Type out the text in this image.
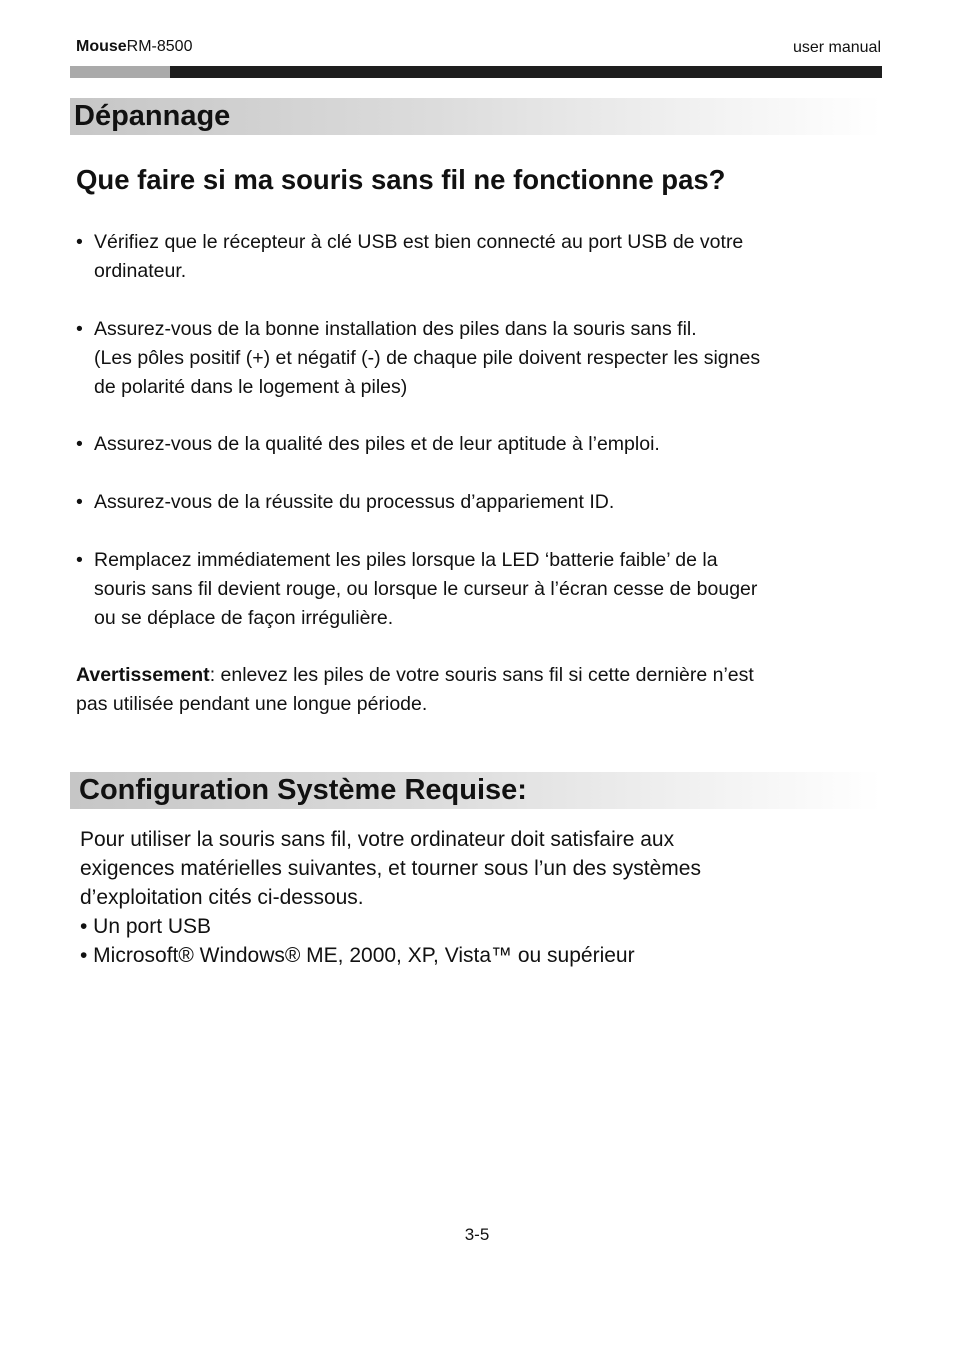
MouseRM-8500	user manual
Dépannage
Que faire si ma souris sans fil ne fonctionne pas?
• Vérifiez que le récepteur à clé USB est bien connecté au port USB de votre
ordinateur.
• Assurez-vous de la bonne installation des piles dans la souris sans fil.
(Les pôles positif (+) et négatif (-) de chaque pile doivent respecter les signes
de polarité dans le logement à piles)
• Assurez-vous de la qualité des piles et de leur aptitude à l’emploi.
• Assurez-vous de la réussite du processus d’appariement ID.
• Remplacez immédiatement les piles lorsque la LED ‘batterie faible’ de la
souris sans fil devient rouge, ou lorsque le curseur à l’écran cesse de bouger
ou se déplace de façon irrégulière.
Avertissement: enlevez les piles de votre souris sans fil si cette dernière n’est
pas utilisée pendant une longue période.
Configuration Système Requise:
Pour utiliser la souris sans fil, votre ordinateur doit satisfaire aux
exigences matérielles suivantes, et tourner sous l’un des systèmes
d’exploitation cités ci-dessous.
• Un port USB
• Microsoft® Windows® ME, 2000, XP, Vista™ ou supérieur
3-5
